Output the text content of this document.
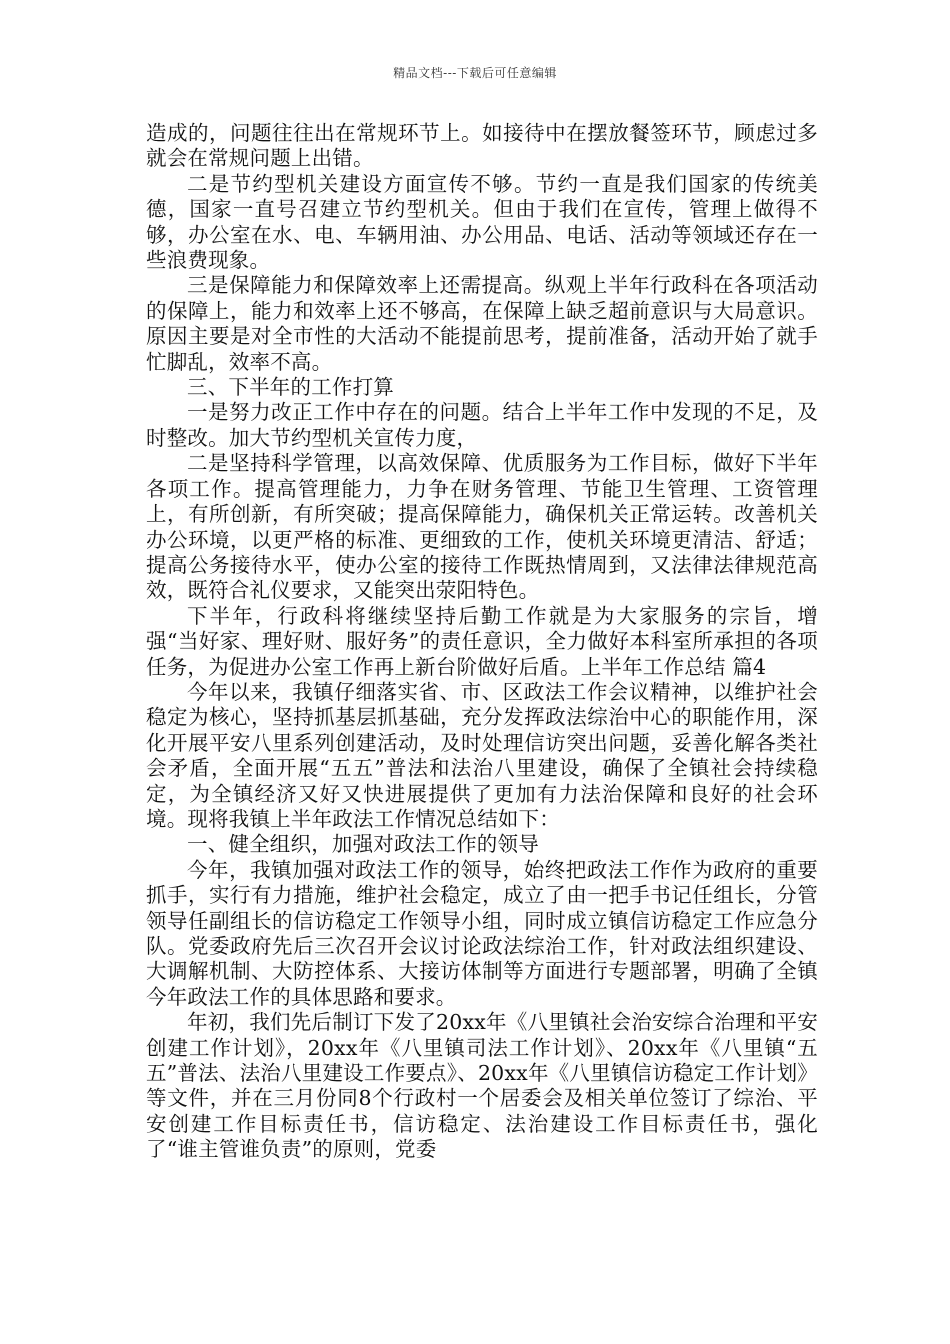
精品文档---下载后可任意编辑

造成的，问题往往出在常规环节上。如接待中在摆放餐签环节，顾虑过多就会在常规问题上出错。

二是节约型机关建设方面宣传不够。节约一直是我们国家的传统美德，国家一直号召建立节约型机关。但由于我们在宣传，管理上做得不够，办公室在水、电、车辆用油、办公用品、电话、活动等领域还存在一些浪费现象。

三是保障能力和保障效率上还需提高。纵观上半年行政科在各项活动的保障上，能力和效率上还不够高，在保障上缺乏超前意识与大局意识。原因主要是对全市性的大活动不能提前思考，提前准备，活动开始了就手忙脚乱，效率不高。

三、下半年的工作打算

一是努力改正工作中存在的问题。结合上半年工作中发现的不足，及时整改。加大节约型机关宣传力度，

二是坚持科学管理，以高效保障、优质服务为工作目标，做好下半年各项工作。提高管理能力，力争在财务管理、节能卫生管理、工资管理上，有所创新，有所突破；提高保障能力，确保机关正常运转。改善机关办公环境，以更严格的标准、更细致的工作，使机关环境更清洁、舒适；提高公务接待水平，使办公室的接待工作既热情周到，又法律法律规范高效，既符合礼仪要求，又能突出荥阳特色。

下半年，行政科将继续坚持后勤工作就是为大家服务的宗旨，增强“当好家、理好财、服好务”的责任意识，全力做好本科室所承担的各项任务，为促进办公室工作再上新台阶做好后盾。上半年工作总结 篇4

今年以来，我镇仔细落实省、市、区政法工作会议精神，以维护社会稳定为核心，坚持抓基层抓基础，充分发挥政法综治中心的职能作用，深化开展平安八里系列创建活动，及时处理信访突出问题，妥善化解各类社会矛盾，全面开展“五五”普法和法治八里建设，确保了全镇社会持续稳定，为全镇经济又好又快进展提供了更加有力法治保障和良好的社会环境。现将我镇上半年政法工作情况总结如下：

一、健全组织，加强对政法工作的领导

今年，我镇加强对政法工作的领导，始终把政法工作作为政府的重要抓手，实行有力措施，维护社会稳定，成立了由一把手书记任组长，分管领导任副组长的信访稳定工作领导小组，同时成立镇信访稳定工作应急分队。党委政府先后三次召开会议讨论政法综治工作，针对政法组织建设、大调解机制、大防控体系、大接访体制等方面进行专题部署，明确了全镇今年政法工作的具体思路和要求。

年初，我们先后制订下发了20xx年《八里镇社会治安综合治理和平安创建工作计划》，20xx年《八里镇司法工作计划》、20xx年《八里镇“五五”普法、法治八里建设工作要点》、20xx年《八里镇信访稳定工作计划》等文件，并在三月份同8个行政村一个居委会及相关单位签订了综治、平安创建工作目标责任书，信访稳定、法治建设工作目标责任书，强化了“谁主管谁负责”的原则，党委
